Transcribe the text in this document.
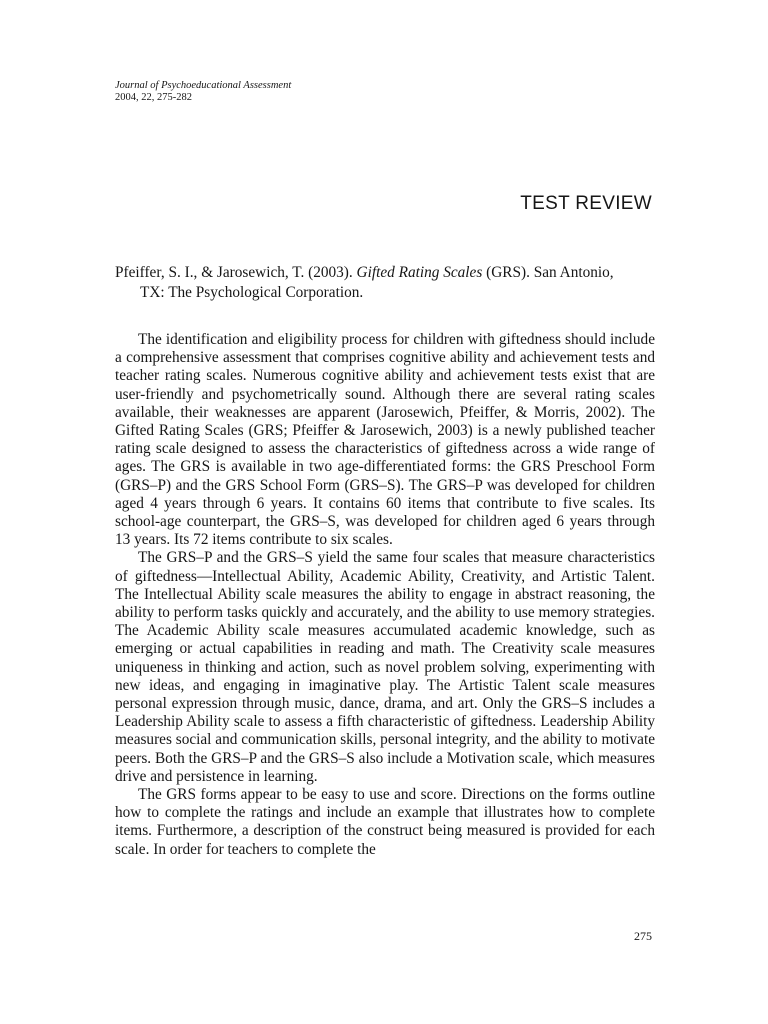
Journal of Psychoeducational Assessment
2004, 22, 275-282
TEST REVIEW
Pfeiffer, S. I., & Jarosewich, T. (2003). Gifted Rating Scales (GRS). San Antonio,
TX: The Psychological Corporation.

The identification and eligibility process for children with giftedness should include a comprehensive assessment that comprises cognitive ability and achievement tests and teacher rating scales. Numerous cognitive ability and achievement tests exist that are user-friendly and psychometrically sound. Although there are several rating scales available, their weaknesses are apparent (Jarosewich, Pfeiffer, & Morris, 2002). The Gifted Rating Scales (GRS; Pfeiffer & Jarosewich, 2003) is a newly published teacher rating scale designed to assess the characteristics of giftedness across a wide range of ages. The GRS is available in two age-differentiated forms: the GRS Preschool Form (GRS–P) and the GRS School Form (GRS–S). The GRS–P was developed for children aged 4 years through 6 years. It contains 60 items that contribute to five scales. Its school-age counterpart, the GRS–S, was developed for children aged 6 years through 13 years. Its 72 items contribute to six scales.

The GRS–P and the GRS–S yield the same four scales that measure characteristics of giftedness—Intellectual Ability, Academic Ability, Creativity, and Artistic Talent. The Intellectual Ability scale measures the ability to engage in abstract reasoning, the ability to perform tasks quickly and accurately, and the ability to use memory strategies. The Academic Ability scale measures accumulated academic knowledge, such as emerging or actual capabilities in reading and math. The Creativity scale measures uniqueness in thinking and action, such as novel problem solving, experimenting with new ideas, and engaging in imaginative play. The Artistic Talent scale measures personal expression through music, dance, drama, and art. Only the GRS–S includes a Leadership Ability scale to assess a fifth characteristic of giftedness. Leadership Ability measures social and communication skills, personal integrity, and the ability to motivate peers. Both the GRS–P and the GRS–S also include a Motivation scale, which measures drive and persistence in learning.

The GRS forms appear to be easy to use and score. Directions on the forms outline how to complete the ratings and include an example that illustrates how to complete items. Furthermore, a description of the construct being measured is provided for each scale. In order for teachers to complete the

275
